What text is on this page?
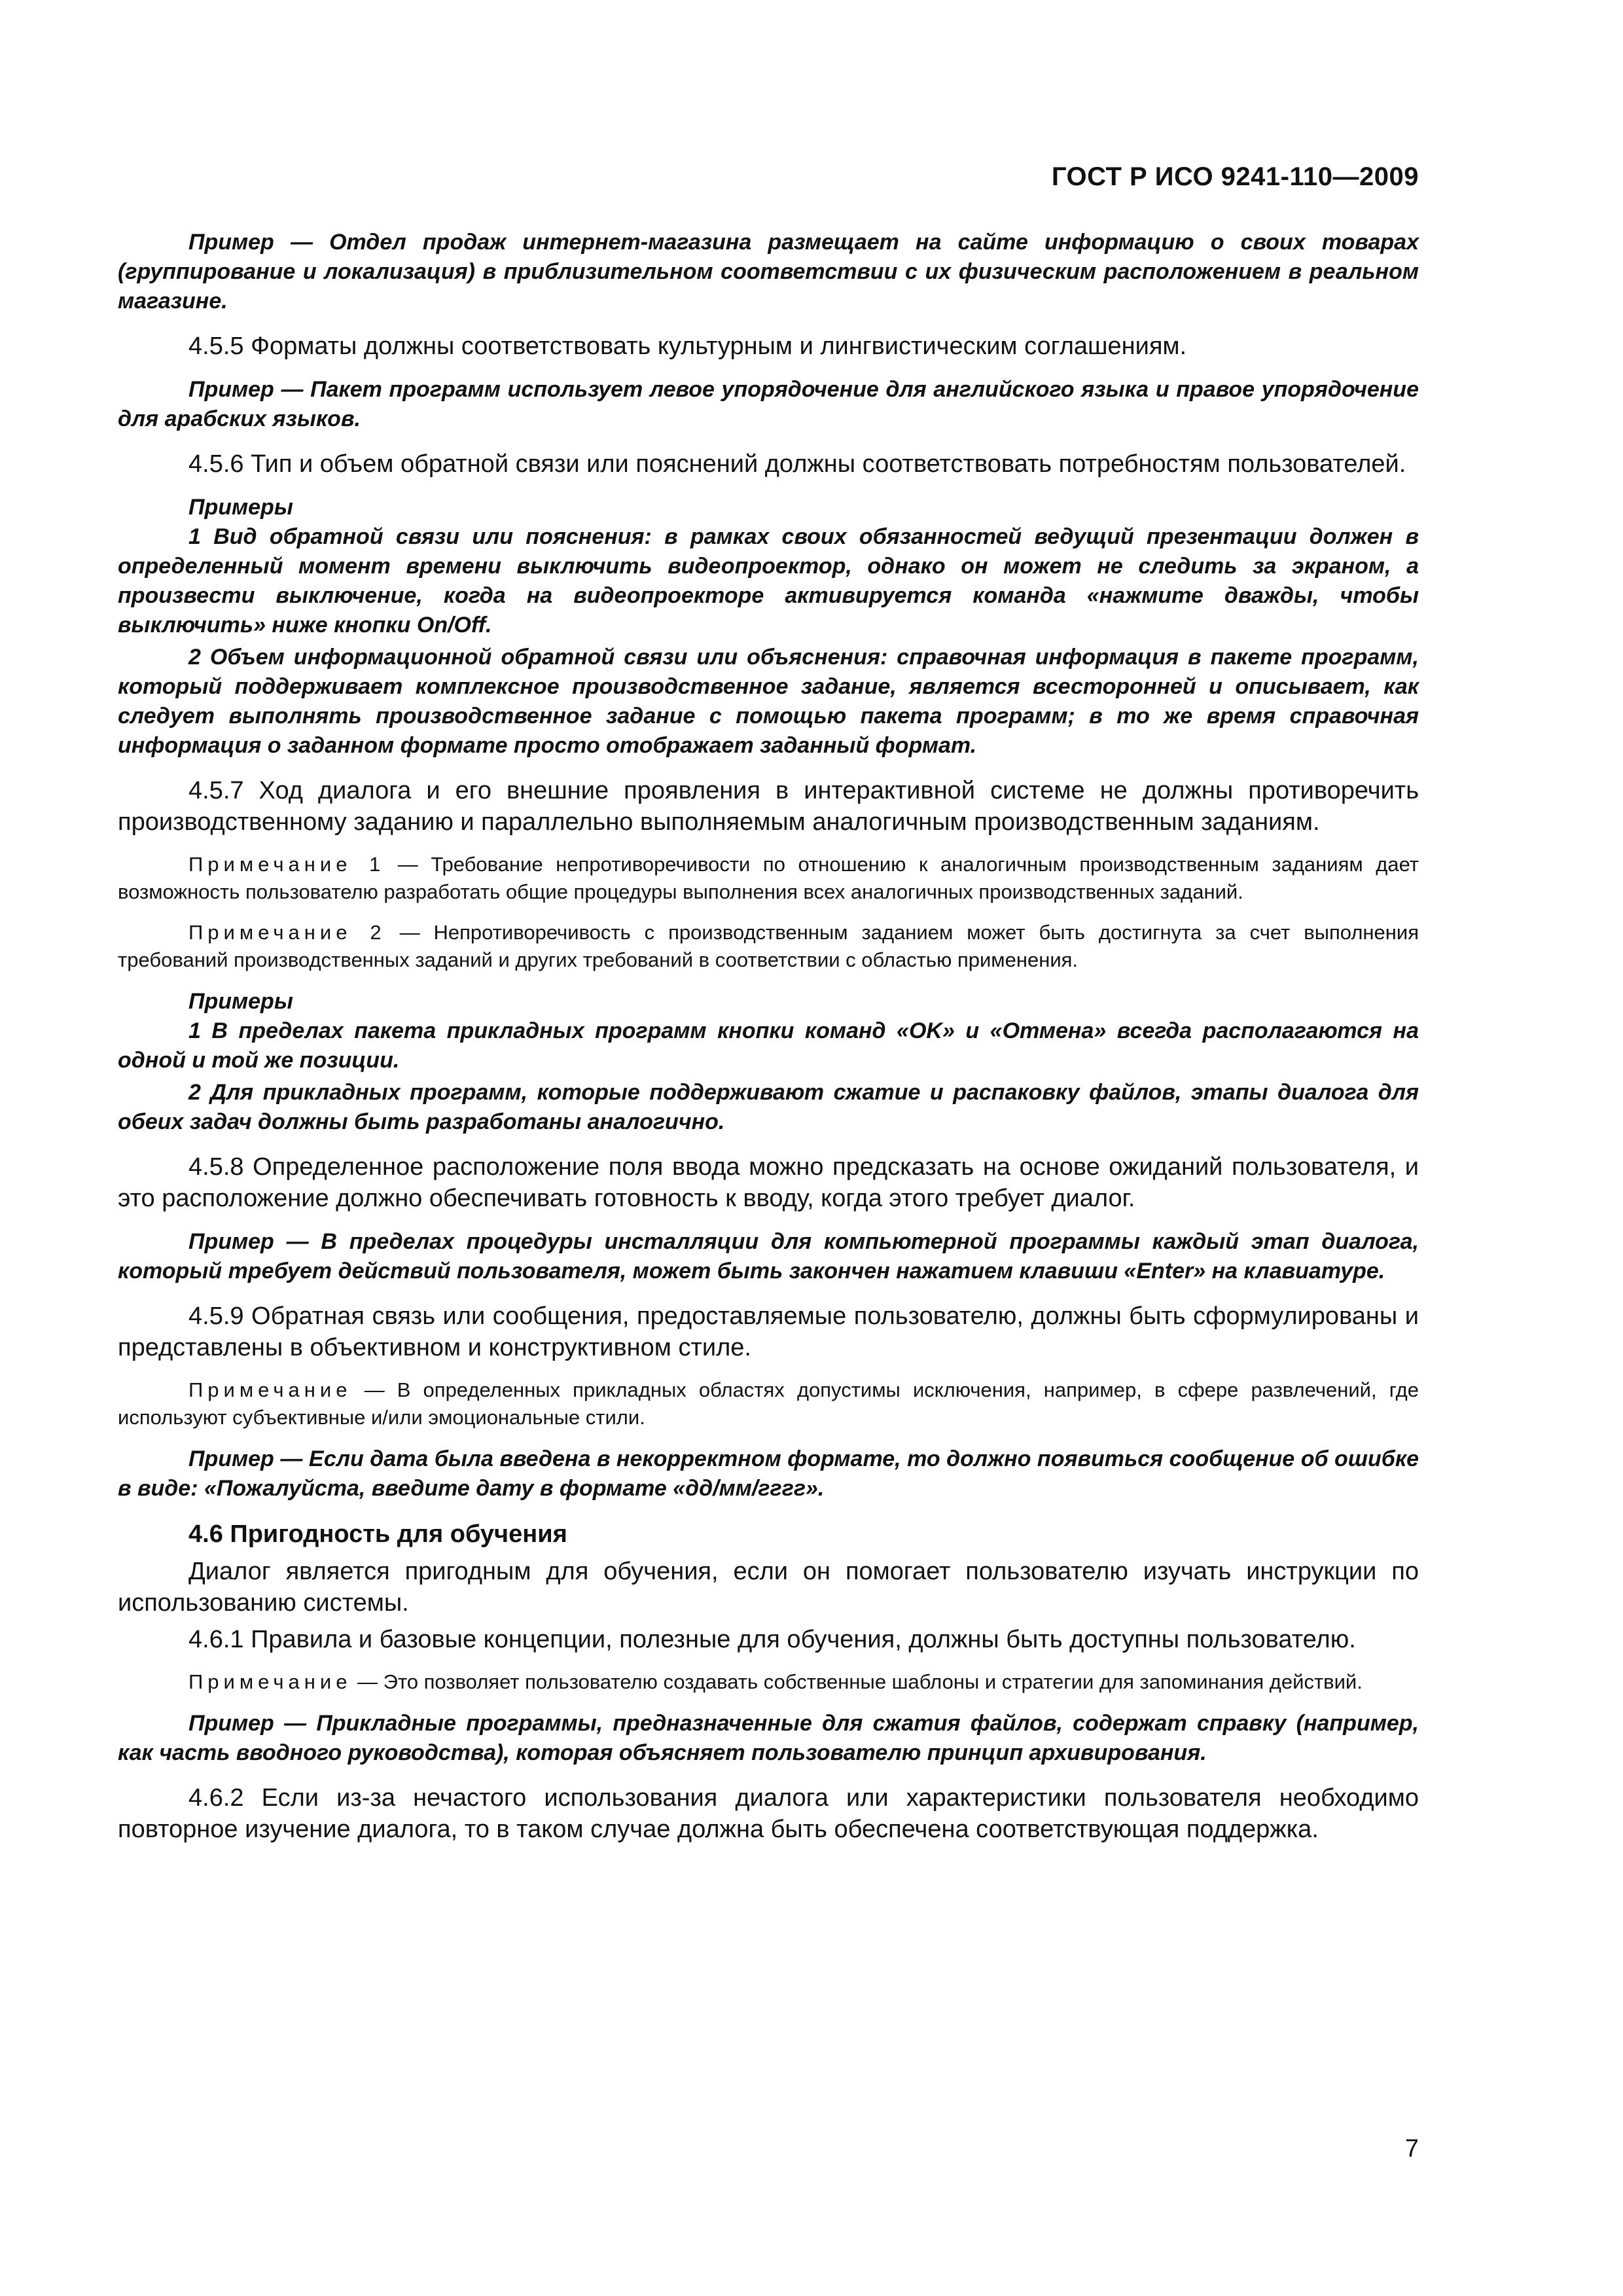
ГОСТ Р ИСО 9241-110—2009

Пример — Отдел продаж интернет-магазина размещает на сайте информацию о своих товарах (группирование и локализация) в приблизительном соответствии с их физическим расположением в реальном магазине.

4.5.5 Форматы должны соответствовать культурным и лингвистическим соглашениям.

Пример — Пакет программ использует левое упорядочение для английского языка и правое упорядочение для арабских языков.

4.5.6 Тип и объем обратной связи или пояснений должны соответствовать потребностям пользователей.

Примеры

1 Вид обратной связи или пояснения: в рамках своих обязанностей ведущий презентации должен в определенный момент времени выключить видеопроектор, однако он может не следить за экраном, а произвести выключение, когда на видеопроекторе активируется команда «нажмите дважды, чтобы выключить» ниже кнопки On/Off.

2 Объем информационной обратной связи или объяснения: справочная информация в пакете программ, который поддерживает комплексное производственное задание, является всесторонней и описывает, как следует выполнять производственное задание с помощью пакета программ; в то же время справочная информация о заданном формате просто отображает заданный формат.

4.5.7 Ход диалога и его внешние проявления в интерактивной системе не должны противоречить производственному заданию и параллельно выполняемым аналогичным производственным заданиям.

Примечание 1 — Требование непротиворечивости по отношению к аналогичным производственным заданиям дает возможность пользователю разработать общие процедуры выполнения всех аналогичных производственных заданий.

Примечание 2 — Непротиворечивость с производственным заданием может быть достигнута за счет выполнения требований производственных заданий и других требований в соответствии с областью применения.

Примеры

1 В пределах пакета прикладных программ кнопки команд «OK» и «Отмена» всегда располагаются на одной и той же позиции.

2 Для прикладных программ, которые поддерживают сжатие и распаковку файлов, этапы диалога для обеих задач должны быть разработаны аналогично.

4.5.8 Определенное расположение поля ввода можно предсказать на основе ожиданий пользователя, и это расположение должно обеспечивать готовность к вводу, когда этого требует диалог.

Пример — В пределах процедуры инсталляции для компьютерной программы каждый этап диалога, который требует действий пользователя, может быть закончен нажатием клавиши «Enter» на клавиатуре.

4.5.9 Обратная связь или сообщения, предоставляемые пользователю, должны быть сформулированы и представлены в объективном и конструктивном стиле.

Примечание — В определенных прикладных областях допустимы исключения, например, в сфере развлечений, где используют субъективные и/или эмоциональные стили.

Пример — Если дата была введена в некорректном формате, то должно появиться сообщение об ошибке в виде: «Пожалуйста, введите дату в формате «дд/мм/гггг».

4.6 Пригодность для обучения

Диалог является пригодным для обучения, если он помогает пользователю изучать инструкции по использованию системы.

4.6.1 Правила и базовые концепции, полезные для обучения, должны быть доступны пользователю.

Примечание — Это позволяет пользователю создавать собственные шаблоны и стратегии для запоминания действий.

Пример — Прикладные программы, предназначенные для сжатия файлов, содержат справку (например, как часть вводного руководства), которая объясняет пользователю принцип архивирования.

4.6.2 Если из-за нечастого использования диалога или характеристики пользователя необходимо повторное изучение диалога, то в таком случае должна быть обеспечена соответствующая поддержка.

7
